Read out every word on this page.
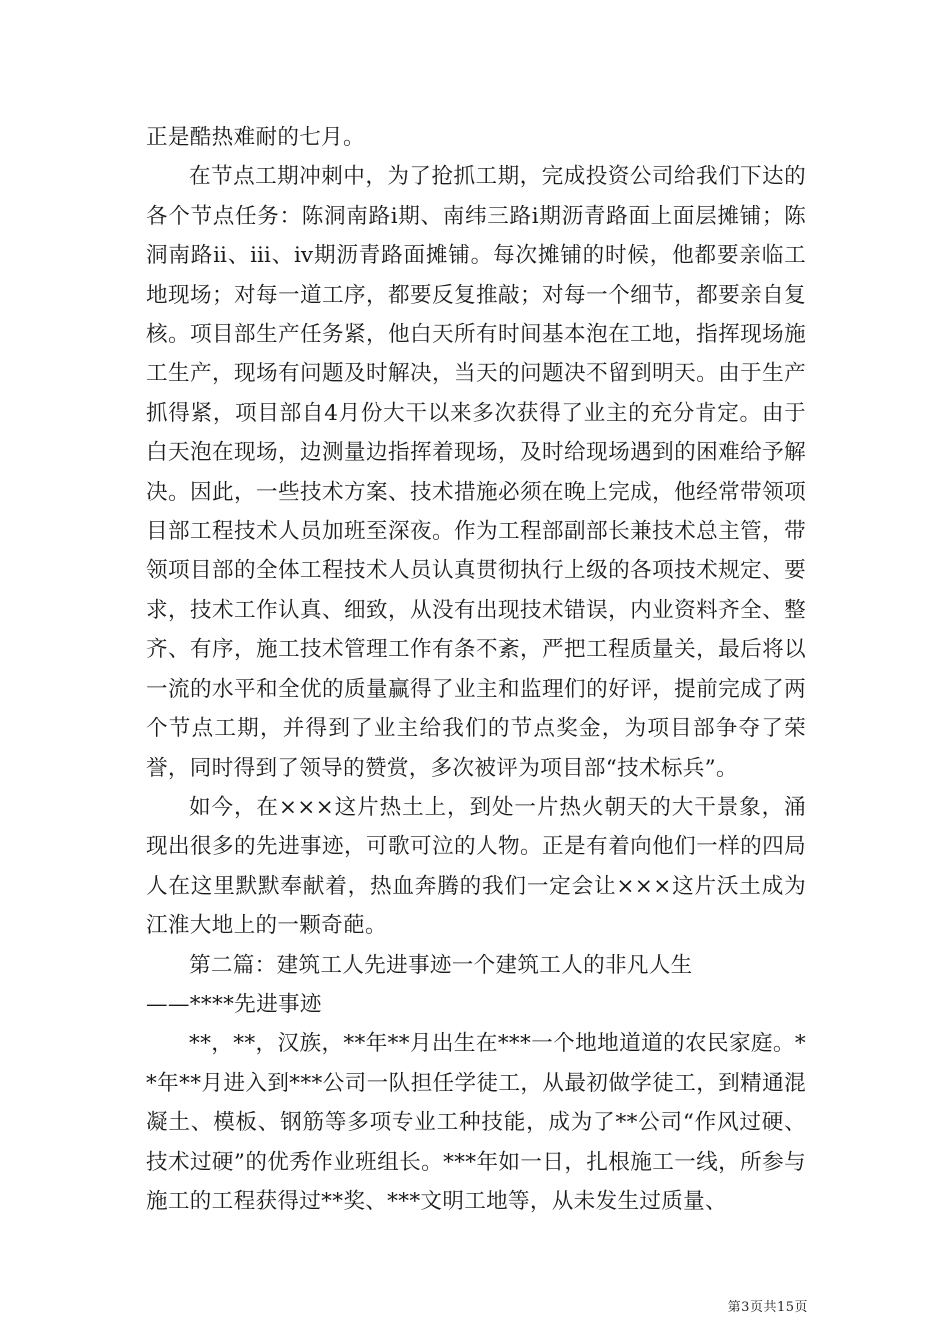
正是酷热难耐的七月。

在节点工期冲刺中，为了抢抓工期，完成投资公司给我们下达的各个节点任务：陈洞南路ⅰ期、南纬三路ⅰ期沥青路面上面层摊铺；陈洞南路ⅱ、ⅲ、ⅳ期沥青路面摊铺。每次摊铺的时候，他都要亲临工地现场；对每一道工序，都要反复推敲；对每一个细节，都要亲自复核。项目部生产任务紧，他白天所有时间基本泡在工地，指挥现场施工生产，现场有问题及时解决，当天的问题决不留到明天。由于生产抓得紧，项目部自4月份大干以来多次获得了业主的充分肯定。由于白天泡在现场，边测量边指挥着现场，及时给现场遇到的困难给予解决。因此，一些技术方案、技术措施必须在晚上完成，他经常带领项目部工程技术人员加班至深夜。作为工程部副部长兼技术总主管，带领项目部的全体工程技术人员认真贯彻执行上级的各项技术规定、要求，技术工作认真、细致，从没有出现技术错误，内业资料齐全、整齐、有序，施工技术管理工作有条不紊，严把工程质量关，最后将以一流的水平和全优的质量赢得了业主和监理们的好评，提前完成了两个节点工期，并得到了业主给我们的节点奖金，为项目部争夺了荣誉，同时得到了领导的赞赏，多次被评为项目部“技术标兵”。

如今，在×××这片热土上，到处一片热火朝天的大干景象，涌现出很多的先进事迹，可歌可泣的人物。正是有着向他们一样的四局人在这里默默奉献着，热血奔腾的我们一定会让×××这片沃土成为江淮大地上的一颗奇葩。

第二篇：建筑工人先进事迹一个建筑工人的非凡人生

——****先进事迹

**，**，汉族，**年**月出生在***一个地地道道的农民家庭。**年**月进入到***公司一队担任学徒工，从最初做学徒工，到精通混凝土、模板、钢筋等多项专业工种技能，成为了**公司“作风过硬、技术过硬”的优秀作业班组长。***年如一日，扎根施工一线，所参与施工的工程获得过**奖、***文明工地等，从未发生过质量、

第3页共15页
